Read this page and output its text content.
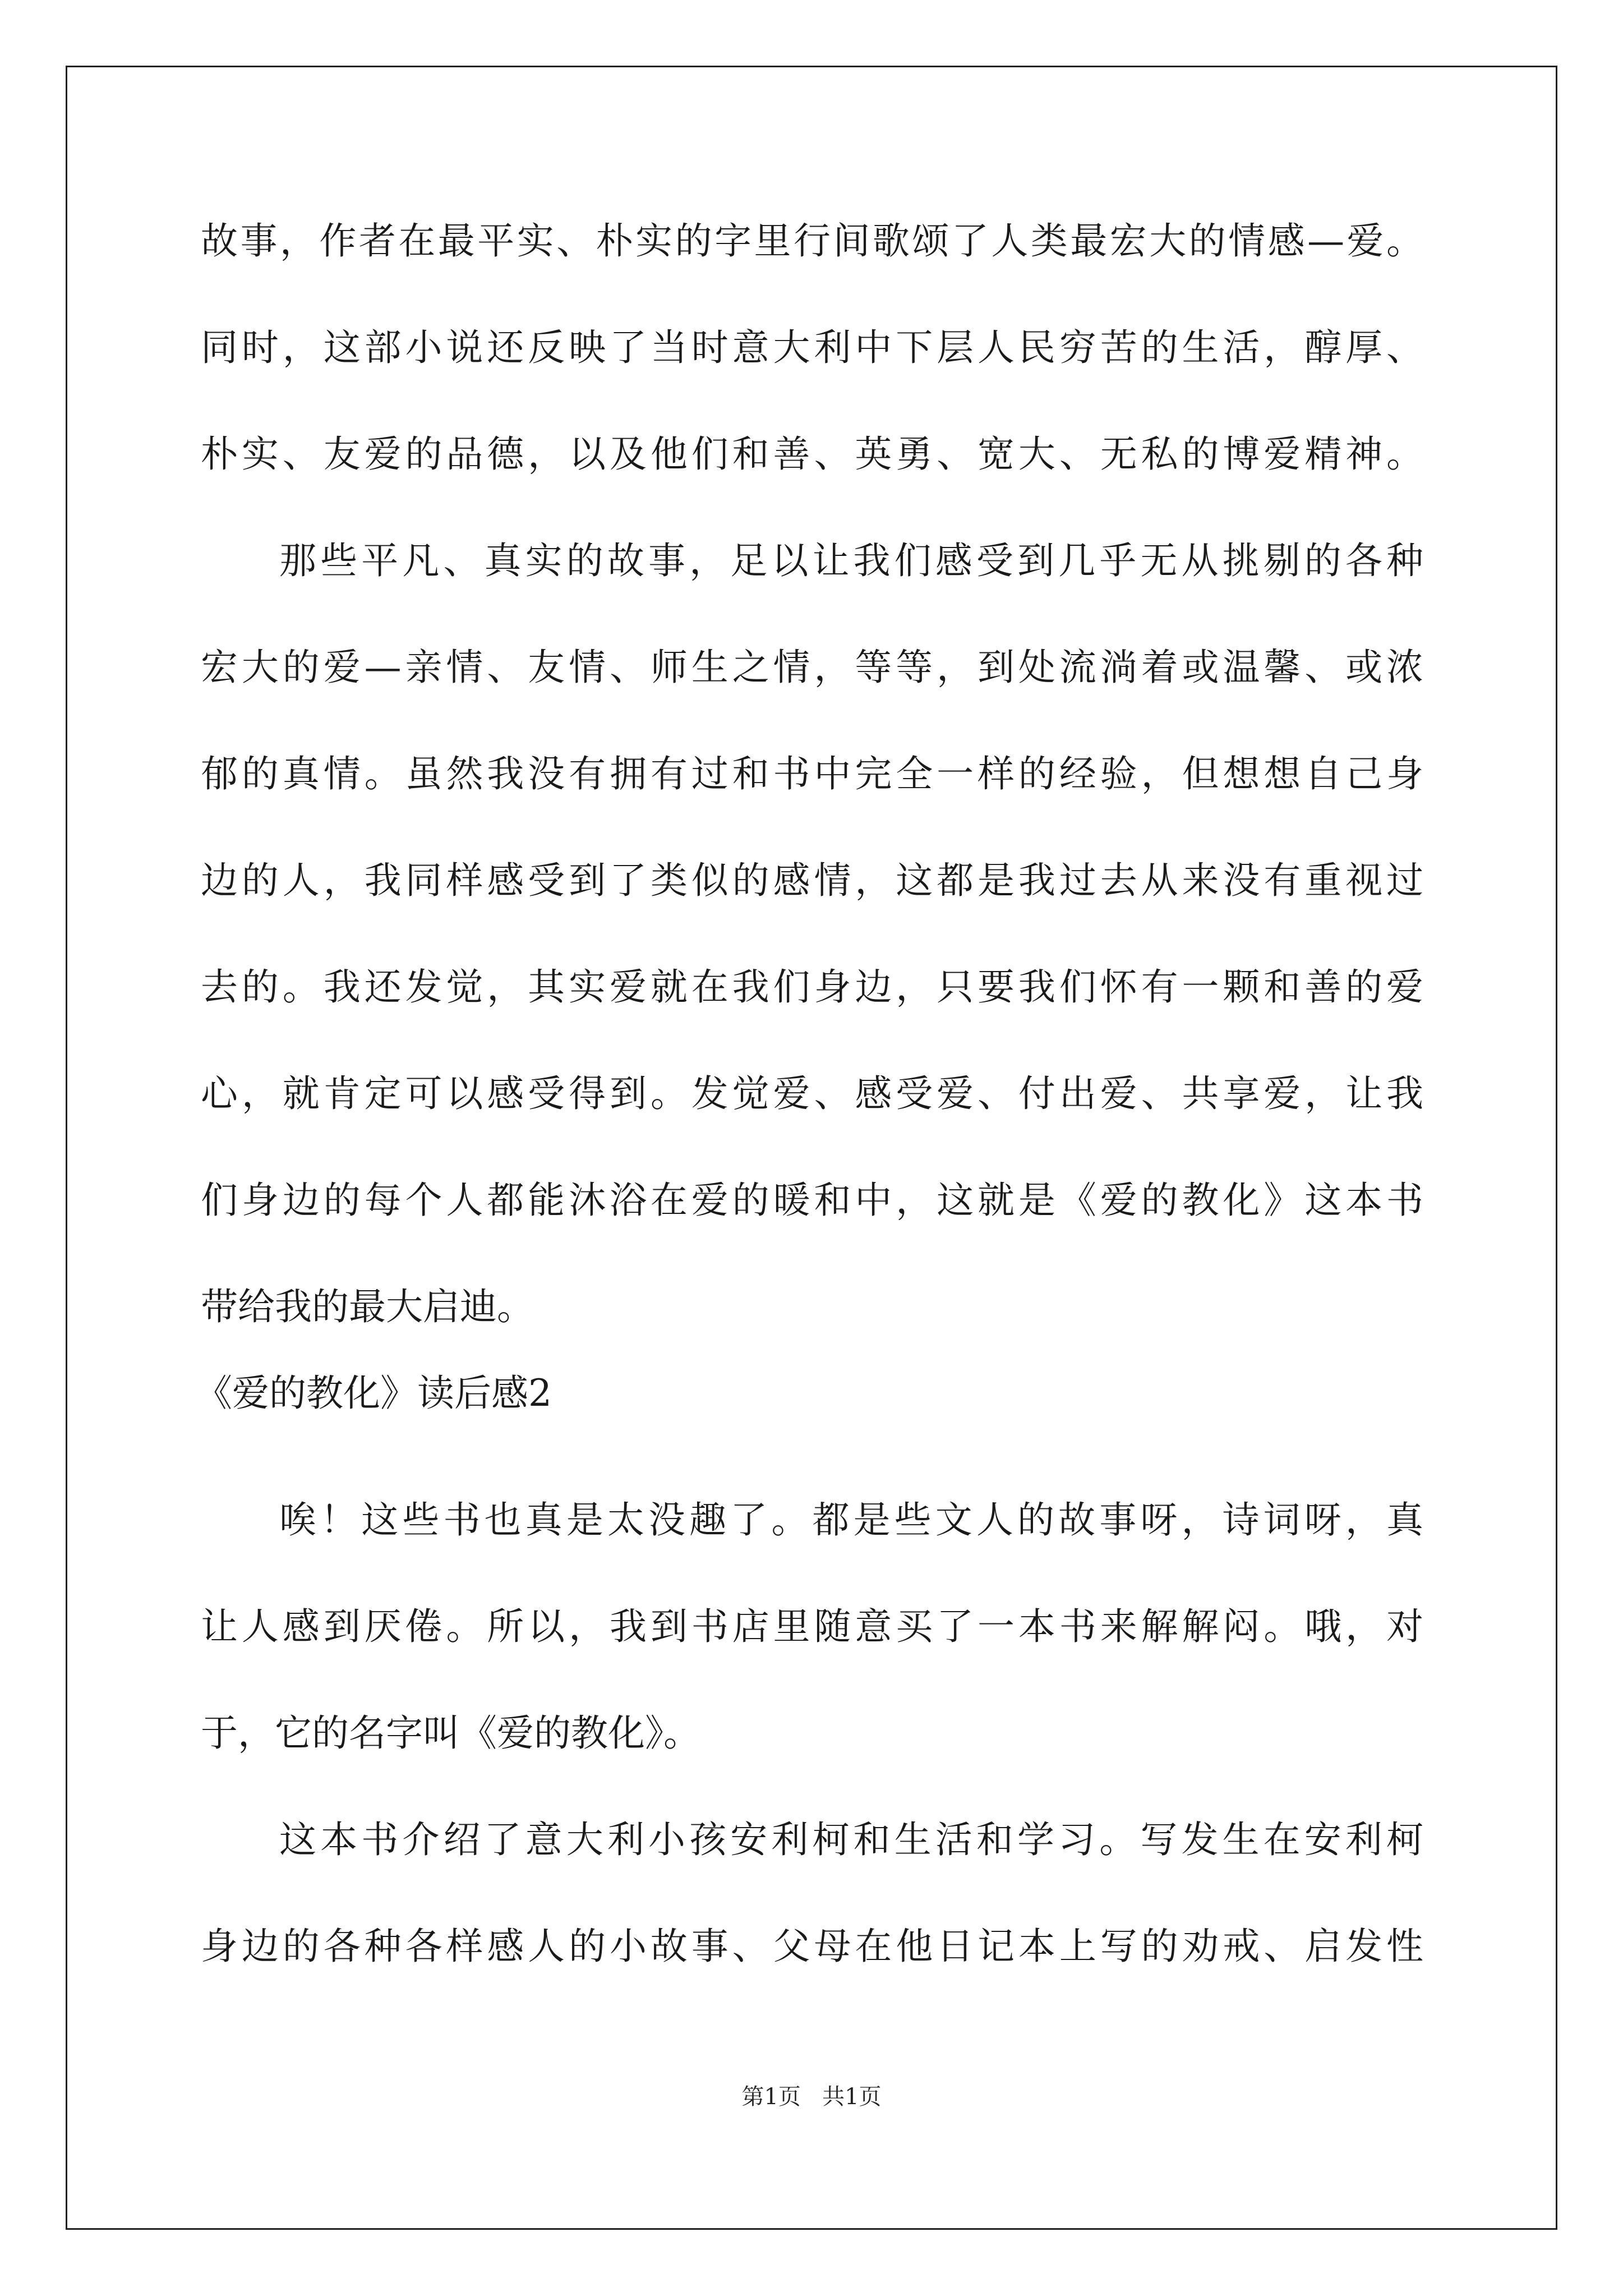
故事，作者在最平实、朴实的字里行间歌颂了人类最宏大的情感—爱。
同时，这部小说还反映了当时意大利中下层人民穷苦的生活，醇厚、
朴实、友爱的品德，以及他们和善、英勇、宽大、无私的博爱精神。
那些平凡、真实的故事，足以让我们感受到几乎无从挑剔的各种
宏大的爱—亲情、友情、师生之情，等等，到处流淌着或温馨、或浓
郁的真情。虽然我没有拥有过和书中完全一样的经验，但想想自己身
边的人，我同样感受到了类似的感情，这都是我过去从来没有重视过
去的。我还发觉，其实爱就在我们身边，只要我们怀有一颗和善的爱
心，就肯定可以感受得到。发觉爱、感受爱、付出爱、共享爱，让我
们身边的每个人都能沐浴在爱的暖和中，这就是《爱的教化》这本书
带给我的最大启迪。
《爱的教化》读后感2
唉！这些书也真是太没趣了。都是些文人的故事呀，诗词呀，真
让人感到厌倦。所以，我到书店里随意买了一本书来解解闷。哦，对
于，它的名字叫《爱的教化》。
这本书介绍了意大利小孩安利柯和生活和学习。写发生在安利柯
身边的各种各样感人的小故事、父母在他日记本上写的劝戒、启发性
第1页 共1页
